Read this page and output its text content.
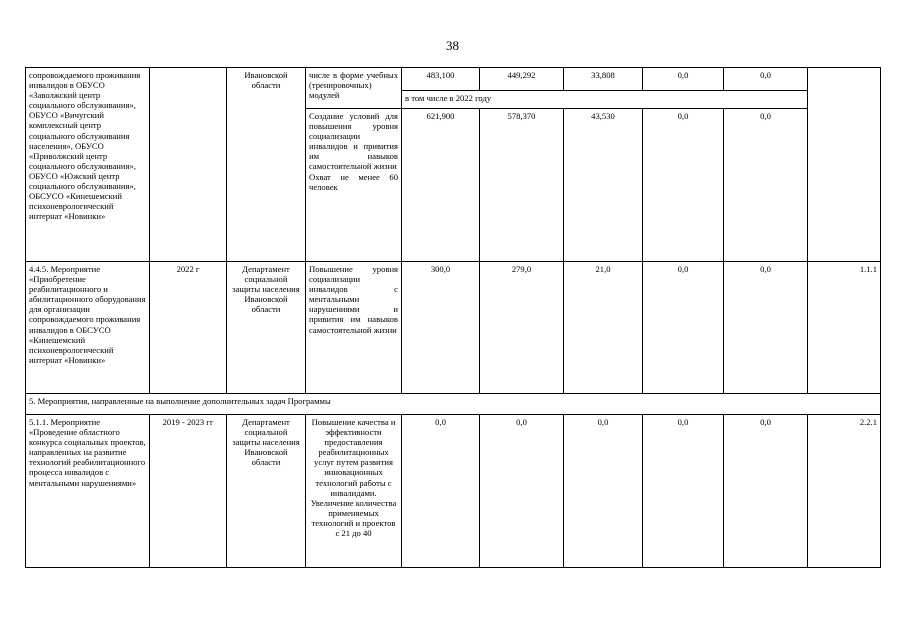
38
сопровождаемого проживания инвалидов в ОБУСО «Заволжский центр социального обслуживания», ОБУСО «Вичугский комплексный центр социального обслуживания населения», ОБУСО «Приволжский центр социального обслуживания», ОБУСО «Южский центр социального обслуживания», ОБСУСО «Кинешемский психоневрологический интернат «Новинки»		Ивановской области	числе в форме учебных (тренировочных) модулей	483,100	449,292	33,808	0,0	0,0	
				в том числе в 2022 году					
			Создание условий для повышения уровня социализации инвалидов и привития им навыков самостоятельной жизни
Охват не менее 60 человек	621,900	578,370	43,530	0,0	0,0	
4.4.5. Мероприятие «Приобретение реабилитационного и абилитационного оборудования для организации сопровождаемого проживания инвалидов в ОБСУСО «Кинешемский психоневрологический интернат «Новинки»	2022 г	Департамент социальной защиты населения Ивановской области	Повышение уровня социализации инвалидов с ментальными нарушениями и привития им навыков самостоятельной жизни	300,0	279,0	21,0	0,0	0,0	1.1.1
5. Мероприятия, направленные на выполнение дополнительных задач Программы									
5.1.1. Мероприятие «Проведение областного конкурса социальных проектов, направленных на развитие технологий реабилитационного процесса инвалидов с ментальными нарушениями»	2019 - 2023 гг	Департамент социальной защиты населения Ивановской области	Повышение качества и эффективности предоставления реабилитационных услуг путем развития инновационных технологий работы с инвалидами. Увеличение количества применяемых технологий и проектов с 21 до 40	0,0	0,0	0,0	0,0	0,0	2.2.1
